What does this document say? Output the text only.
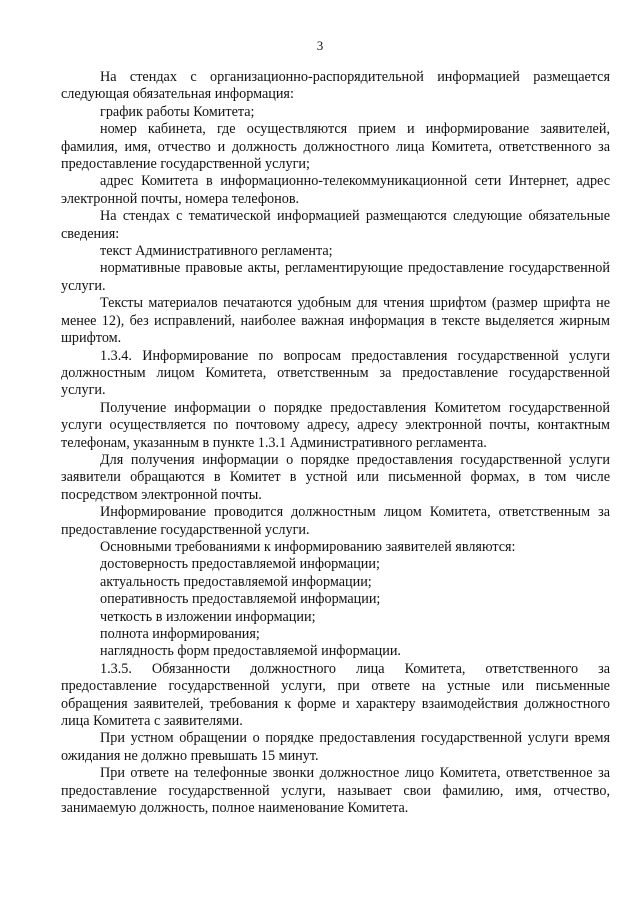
3

На стендах с организационно-распорядительной информацией размещается следующая обязательная информация:

график работы Комитета;

номер кабинета, где осуществляются прием и информирование заявителей, фамилия, имя, отчество и должность должностного лица Комитета, ответственного за предоставление государственной услуги;

адрес Комитета в информационно-телекоммуникационной сети Интернет, адрес электронной почты, номера телефонов.

На стендах с тематической информацией размещаются следующие обязательные сведения:

текст Административного регламента;

нормативные правовые акты, регламентирующие предоставление государственной услуги.

Тексты материалов печатаются удобным для чтения шрифтом (размер шрифта не менее 12), без исправлений, наиболее важная информация в тексте выделяется жирным шрифтом.

1.3.4. Информирование по вопросам предоставления государственной услуги должностным лицом Комитета, ответственным за предоставление государственной услуги.

Получение информации о порядке предоставления Комитетом государственной услуги осуществляется по почтовому адресу, адресу электронной почты, контактным телефонам, указанным в пункте 1.3.1 Административного регламента.

Для получения информации о порядке предоставления государственной услуги заявители обращаются в Комитет в устной или письменной формах, в том числе посредством электронной почты.

Информирование проводится должностным лицом Комитета, ответственным за предоставление государственной услуги.

Основными требованиями к информированию заявителей являются:

достоверность предоставляемой информации;

актуальность предоставляемой информации;

оперативность предоставляемой информации;

четкость в изложении информации;

полнота информирования;

наглядность форм предоставляемой информации.

1.3.5. Обязанности должностного лица Комитета, ответственного за предоставление государственной услуги, при ответе на устные или письменные обращения заявителей, требования к форме и характеру взаимодействия должностного лица Комитета с заявителями.

При устном обращении о порядке предоставления государственной услуги время ожидания не должно превышать 15 минут.

При ответе на телефонные звонки должностное лицо Комитета, ответственное за предоставление государственной услуги, называет свои фамилию, имя, отчество, занимаемую должность, полное наименование Комитета.
